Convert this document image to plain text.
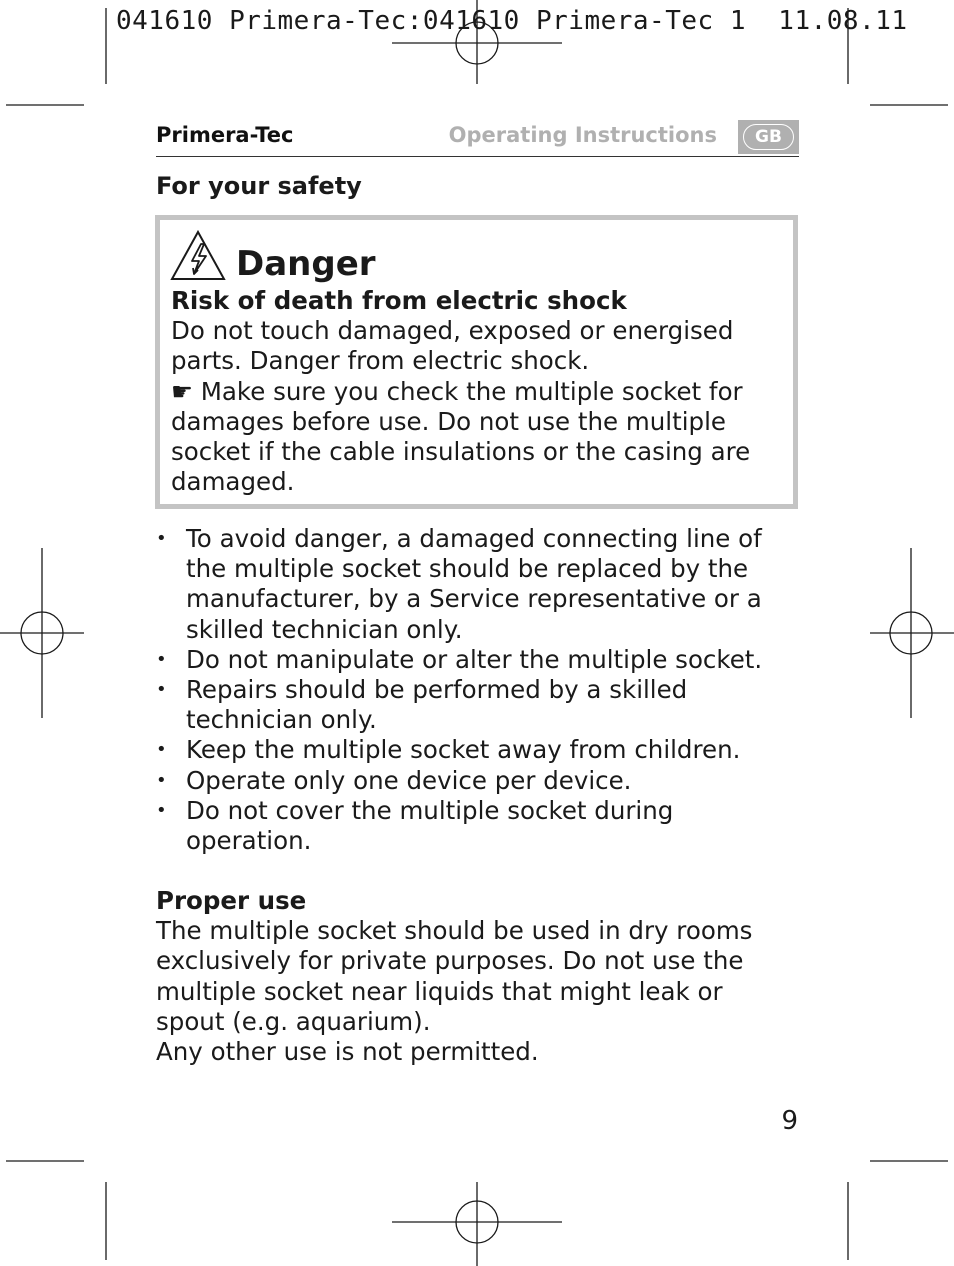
041610 Primera-Tec:041610 Primera-Tec 1  11.08.11
Primera-Tec	Operating Instructions	GB
For your safety
Danger
Risk of death from electric shock
Do not touch damaged, exposed or energised parts. Danger from electric shock.
☛ Make sure you check the multiple socket for damages before use. Do not use the multiple socket if the cable insulations or the casing are damaged.
• To avoid danger, a damaged connecting line of the multiple socket should be replaced by the manufacturer, by a Service representative or a skilled technician only.
• Do not manipulate or alter the multiple socket.
• Repairs should be performed by a skilled technician only.
• Keep the multiple socket away from children.
• Operate only one device per device.
• Do not cover the multiple socket during operation.
Proper use
The multiple socket should be used in dry rooms exclusively for private purposes. Do not use the multiple socket near liquids that might leak or spout (e.g. aquarium).
Any other use is not permitted.
9
